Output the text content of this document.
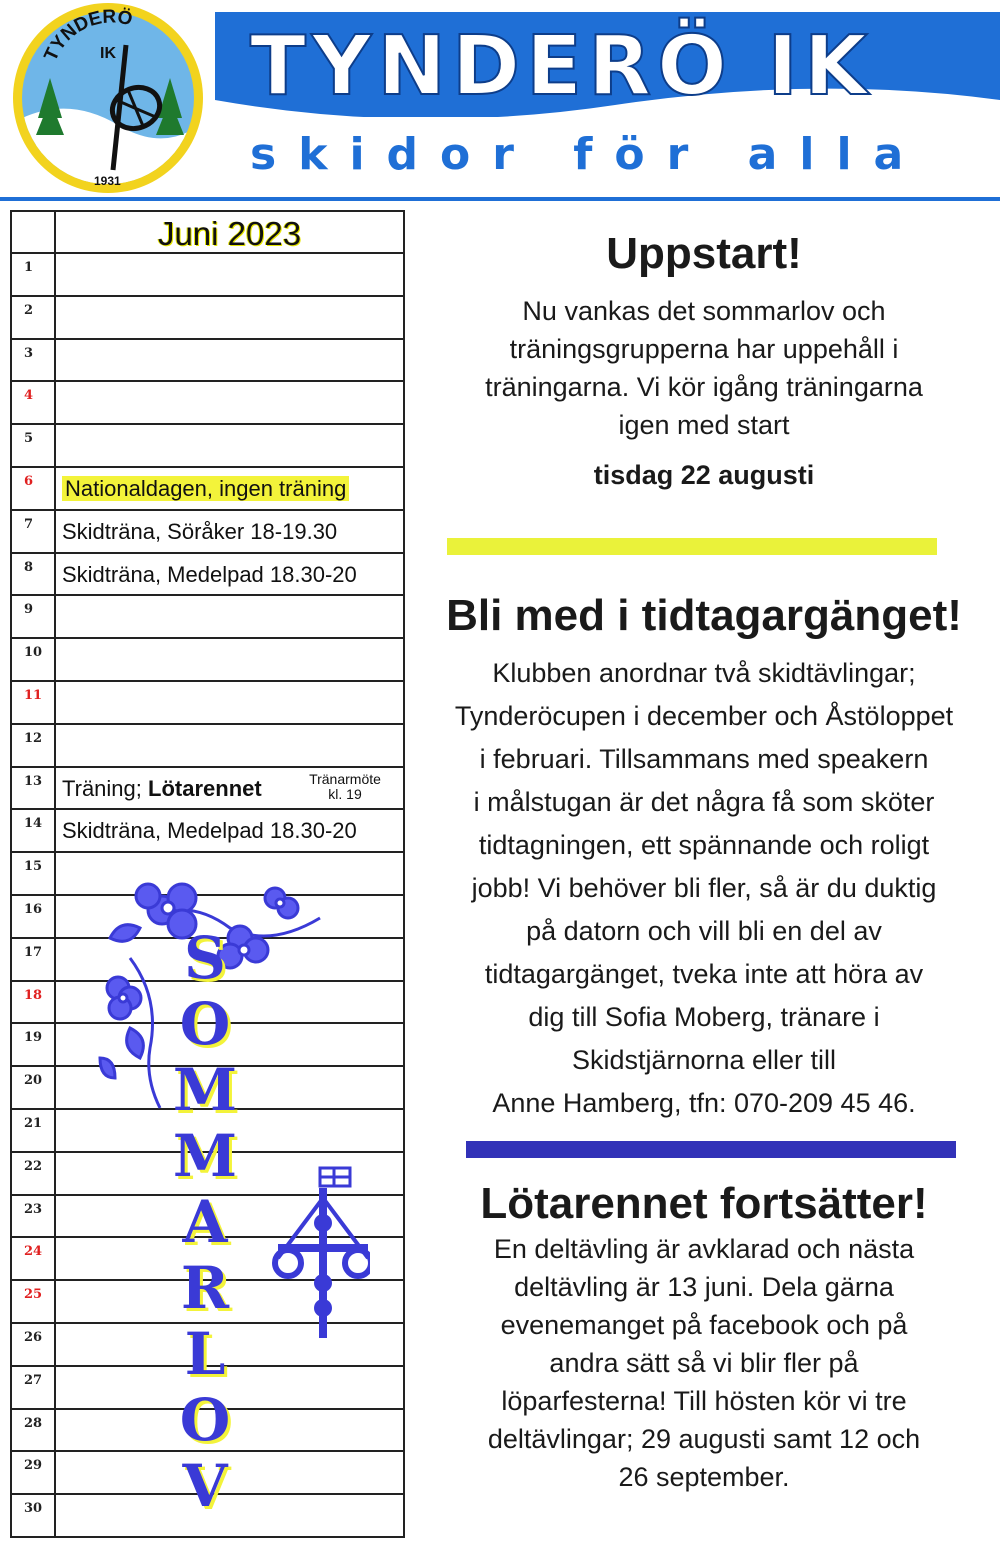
TYNDERÖ IK
skidor för alla
TYNDERÖ
IK
1931
Juni 2023
1
2
3
4
5
6 Nationaldagen, ingen träning
7 Skidträna, Söråker 18-19.30
8 Skidträna, Medelpad 18.30-20
9
10
11
12
13 Träning; Lötarennet	Tränarmöte
kl. 19
14 Skidträna, Medelpad 18.30-20
15
16
17
18
19
20
21
22
23
24
25
26
27
28
29
30
S
O
M
M
A
R
L
O
V
Uppstart!
Nu vankas det sommarlov och
träningsgrupperna har uppehåll i
träningarna. Vi kör igång träningarna
igen med start
tisdag 22 augusti
Bli med i tidtagargänget!
Klubben anordnar två skidtävlingar;
Tynderöcupen i december och Åstöloppet
i februari. Tillsammans med speakern
i målstugan är det några få som sköter
tidtagningen, ett spännande och roligt
jobb! Vi behöver bli fler, så är du duktig
på datorn och vill bli en del av
tidtagargänget, tveka inte att höra av
dig till Sofia Moberg, tränare i
Skidstjärnorna eller till
Anne Hamberg, tfn: 070-209 45 46.
Lötarennet fortsätter!
En deltävling är avklarad och nästa
deltävling är 13 juni. Dela gärna
evenemanget på facebook och på
andra sätt så vi blir fler på
löparfesterna! Till hösten kör vi tre
deltävlingar; 29 augusti samt 12 och
26 september.
